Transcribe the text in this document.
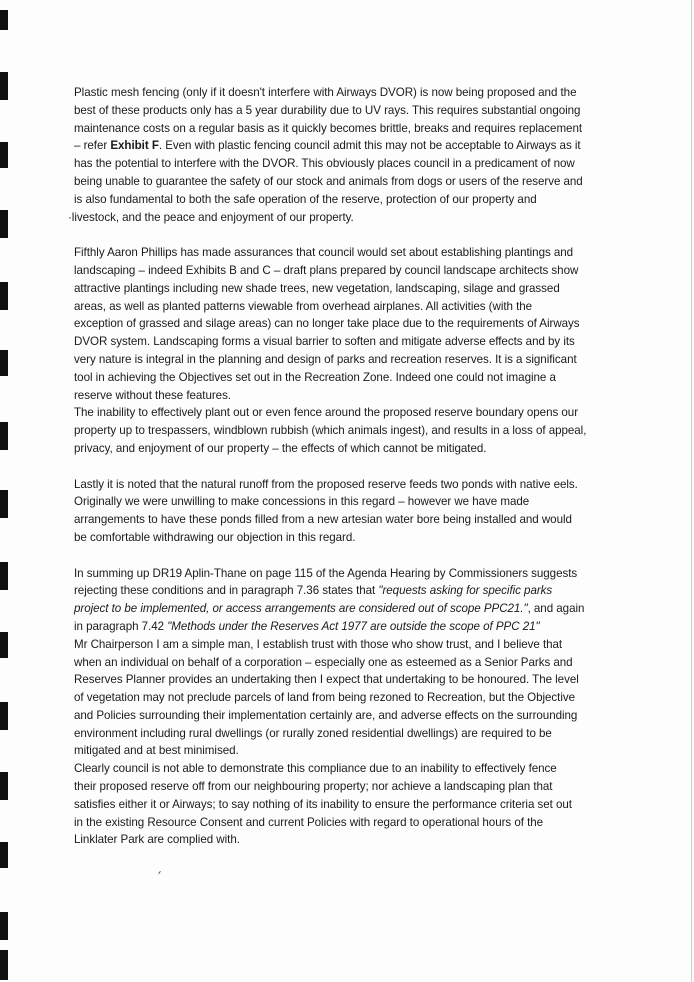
Plastic mesh fencing (only if it doesn't interfere with Airways DVOR) is now being proposed and the
best of these products only has a 5 year durability due to UV rays. This requires substantial ongoing
maintenance costs on a regular basis as it quickly becomes brittle, breaks and requires replacement
– refer Exhibit F. Even with plastic fencing council admit this may not be acceptable to Airways as it
has the potential to interfere with the DVOR. This obviously places council in a predicament of now
being unable to guarantee the safety of our stock and animals from dogs or users of the reserve and
is also fundamental to both the safe operation of the reserve, protection of our property and
·livestock, and the peace and enjoyment of our property.

Fifthly Aaron Phillips has made assurances that council would set about establishing plantings and
landscaping – indeed Exhibits B and C – draft plans prepared by council landscape architects show
attractive plantings including new shade trees, new vegetation, landscaping, silage and grassed
areas, as well as planted patterns viewable from overhead airplanes. All activities (with the
exception of grassed and silage areas) can no longer take place due to the requirements of Airways
DVOR system. Landscaping forms a visual barrier to soften and mitigate adverse effects and by its
very nature is integral in the planning and design of parks and recreation reserves. It is a significant
tool in achieving the Objectives set out in the Recreation Zone. Indeed one could not imagine a
reserve without these features.
The inability to effectively plant out or even fence around the proposed reserve boundary opens our
property up to trespassers, windblown rubbish (which animals ingest), and results in a loss of appeal,
privacy, and enjoyment of our property – the effects of which cannot be mitigated.

Lastly it is noted that the natural runoff from the proposed reserve feeds two ponds with native eels.
Originally we were unwilling to make concessions in this regard – however we have made
arrangements to have these ponds filled from a new artesian water bore being installed and would
be comfortable withdrawing our objection in this regard.

In summing up DR19 Aplin-Thane on page 115 of the Agenda Hearing by Commissioners suggests
rejecting these conditions and in paragraph 7.36 states that "requests asking for specific parks
project to be implemented, or access arrangements are considered out of scope PPC21.", and again
in paragraph 7.42 "Methods under the Reserves Act 1977 are outside the scope of PPC 21"
Mr Chairperson I am a simple man, I establish trust with those who show trust, and I believe that
when an individual on behalf of a corporation – especially one as esteemed as a Senior Parks and
Reserves Planner provides an undertaking then I expect that undertaking to be honoured. The level
of vegetation may not preclude parcels of land from being rezoned to Recreation, but the Objective
and Policies surrounding their implementation certainly are, and adverse effects on the surrounding
environment including rural dwellings (or rurally zoned residential dwellings) are required to be
mitigated and at best minimised.
Clearly council is not able to demonstrate this compliance due to an inability to effectively fence
their proposed reserve off from our neighbouring property; nor achieve a landscaping plan that
satisfies either it or Airways; to say nothing of its inability to ensure the performance criteria set out
in the existing Resource Consent and current Policies with regard to operational hours of the
Linklater Park are complied with.
